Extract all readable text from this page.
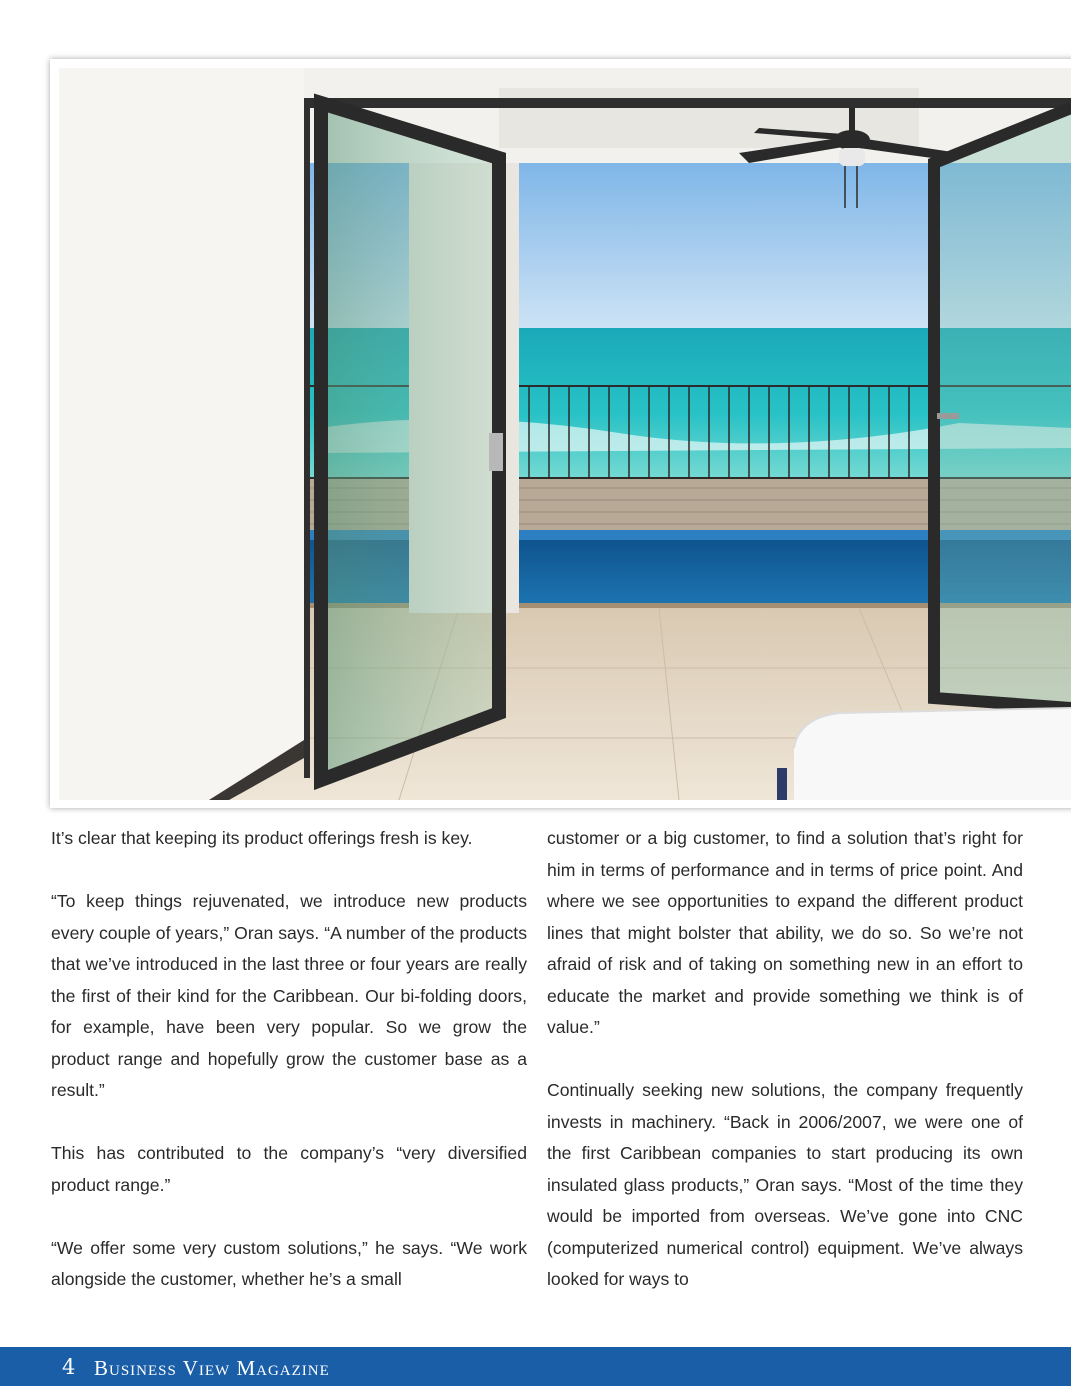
It’s clear that keeping its product offerings fresh is key.

“To keep things rejuvenated, we introduce new products every couple of years,” Oran says. “A number of the products that we’ve introduced in the last three or four years are really the first of their kind for the Caribbean. Our bi-folding doors, for example, have been very popular. So we grow the product range and hopefully grow the customer base as a result.”

This has contributed to the company’s “very diversified product range.”

“We offer some very custom solutions,” he says. “We work alongside the customer, whether he’s a small

customer or a big customer, to find a solution that’s right for him in terms of performance and in terms of price point. And where we see opportunities to expand the different product lines that might bolster that ability, we do so. So we’re not afraid of risk and of taking on something new in an effort to educate the market and provide something we think is of value.”

Continually seeking new solutions, the company frequently invests in machinery. “Back in 2006/2007, we were one of the first Caribbean companies to start producing its own insulated glass products,” Oran says. “Most of the time they would be imported from overseas. We’ve gone into CNC (computerized numerical control) equipment. We’ve always looked for ways to

4 Business View Magazine
